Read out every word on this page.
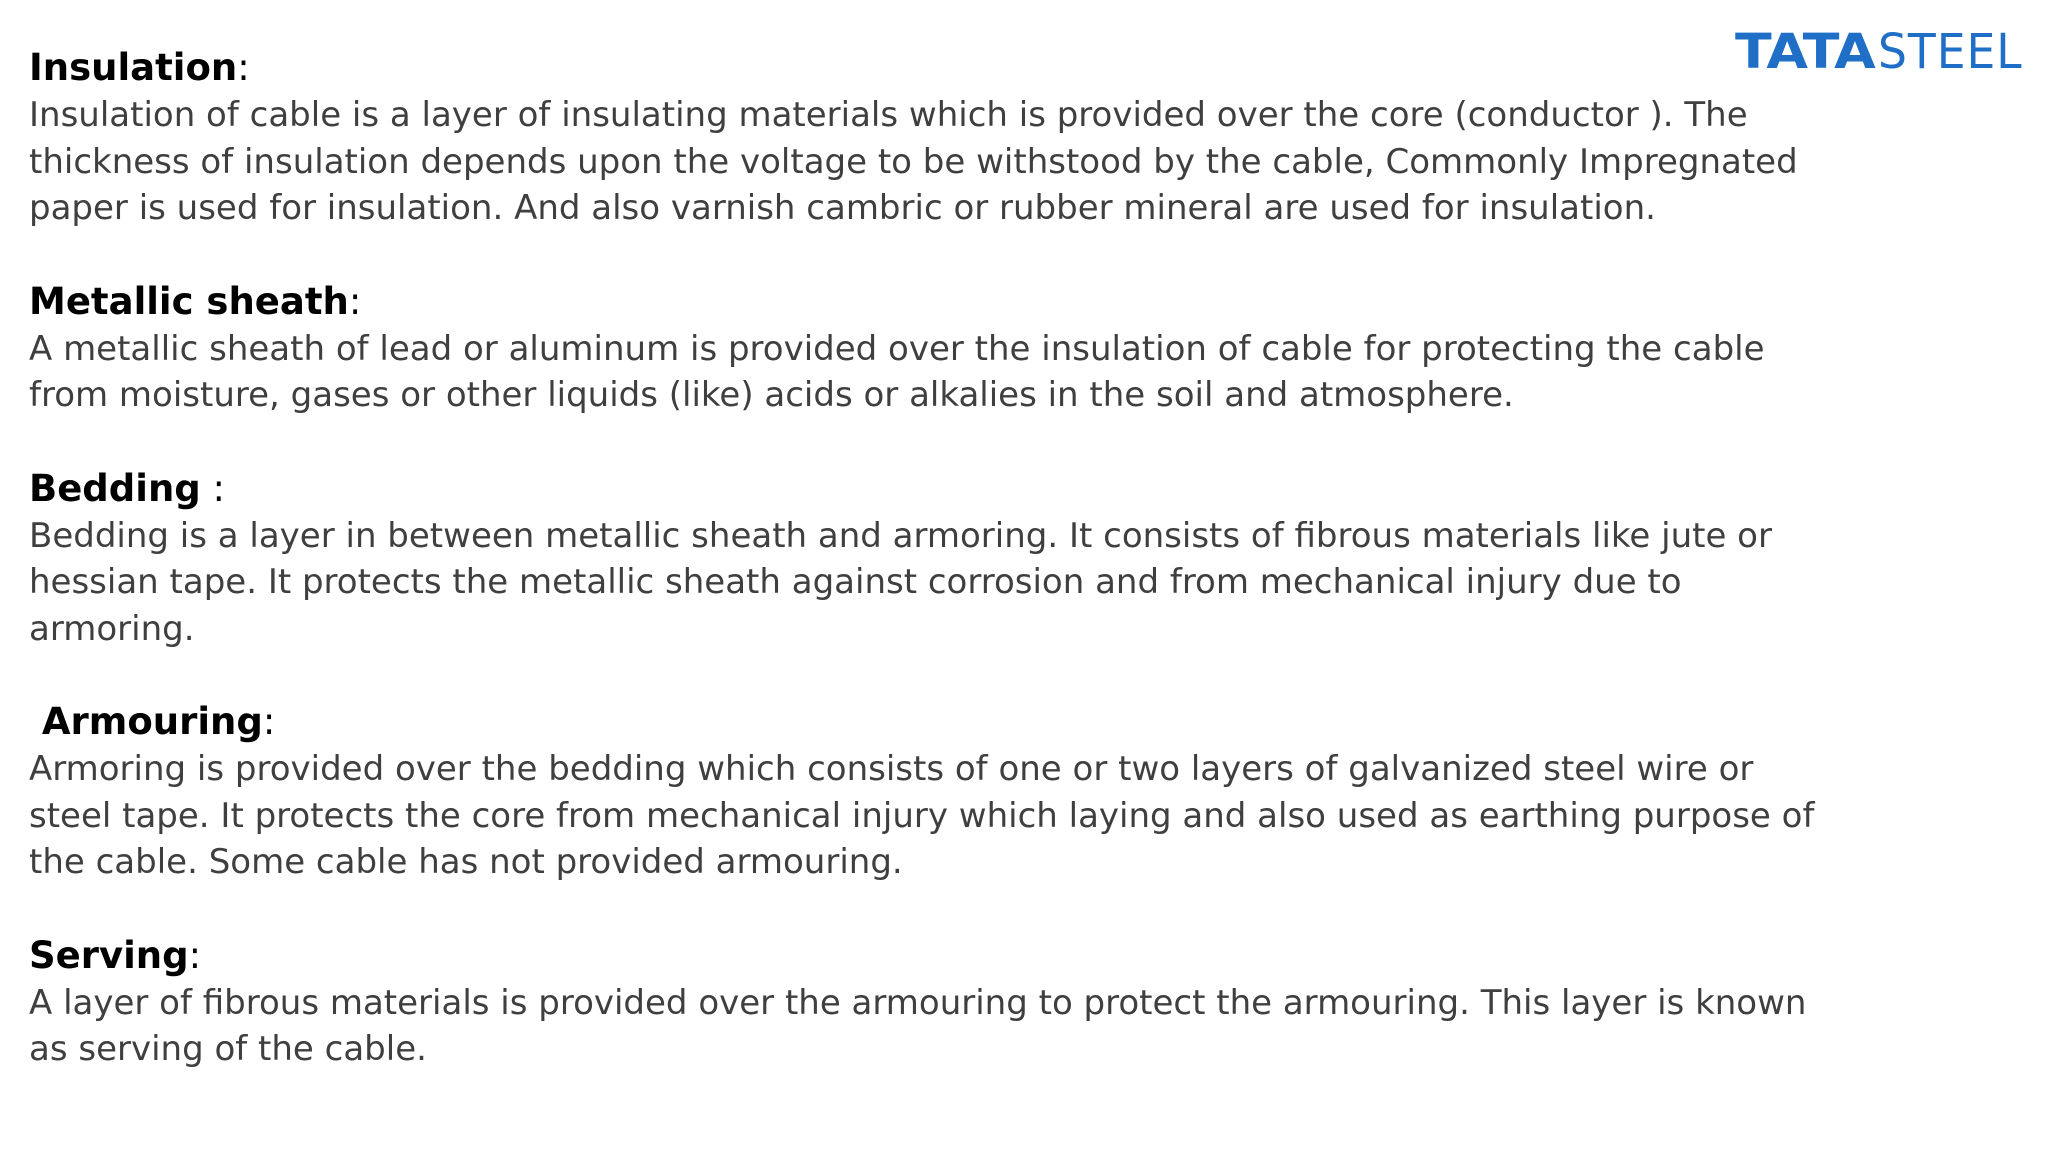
TATASTEEL
Insulation:

Insulation of cable is a layer of insulating materials which is provided over the core (conductor ). The thickness of insulation depends upon the voltage to be withstood by the cable, Commonly Impregnated paper is used for insulation. And also varnish cambric or rubber mineral are used for insulation.

Metallic sheath:

A metallic sheath of lead or aluminum is provided over the insulation of cable for protecting the cable from moisture, gases or other liquids (like) acids or alkalies in the soil and atmosphere.

Bedding :

Bedding is a layer in between metallic sheath and armoring. It consists of fibrous materials like jute or hessian tape. It protects the metallic sheath against corrosion and from mechanical injury due to armoring.

Armouring:

Armoring is provided over the bedding which consists of one or two layers of galvanized steel wire or steel tape. It protects the core from mechanical injury which laying and also used as earthing purpose of the cable. Some cable has not provided armouring.

Serving:

A layer of fibrous materials is provided over the armouring to protect the armouring. This layer is known as serving of the cable.
